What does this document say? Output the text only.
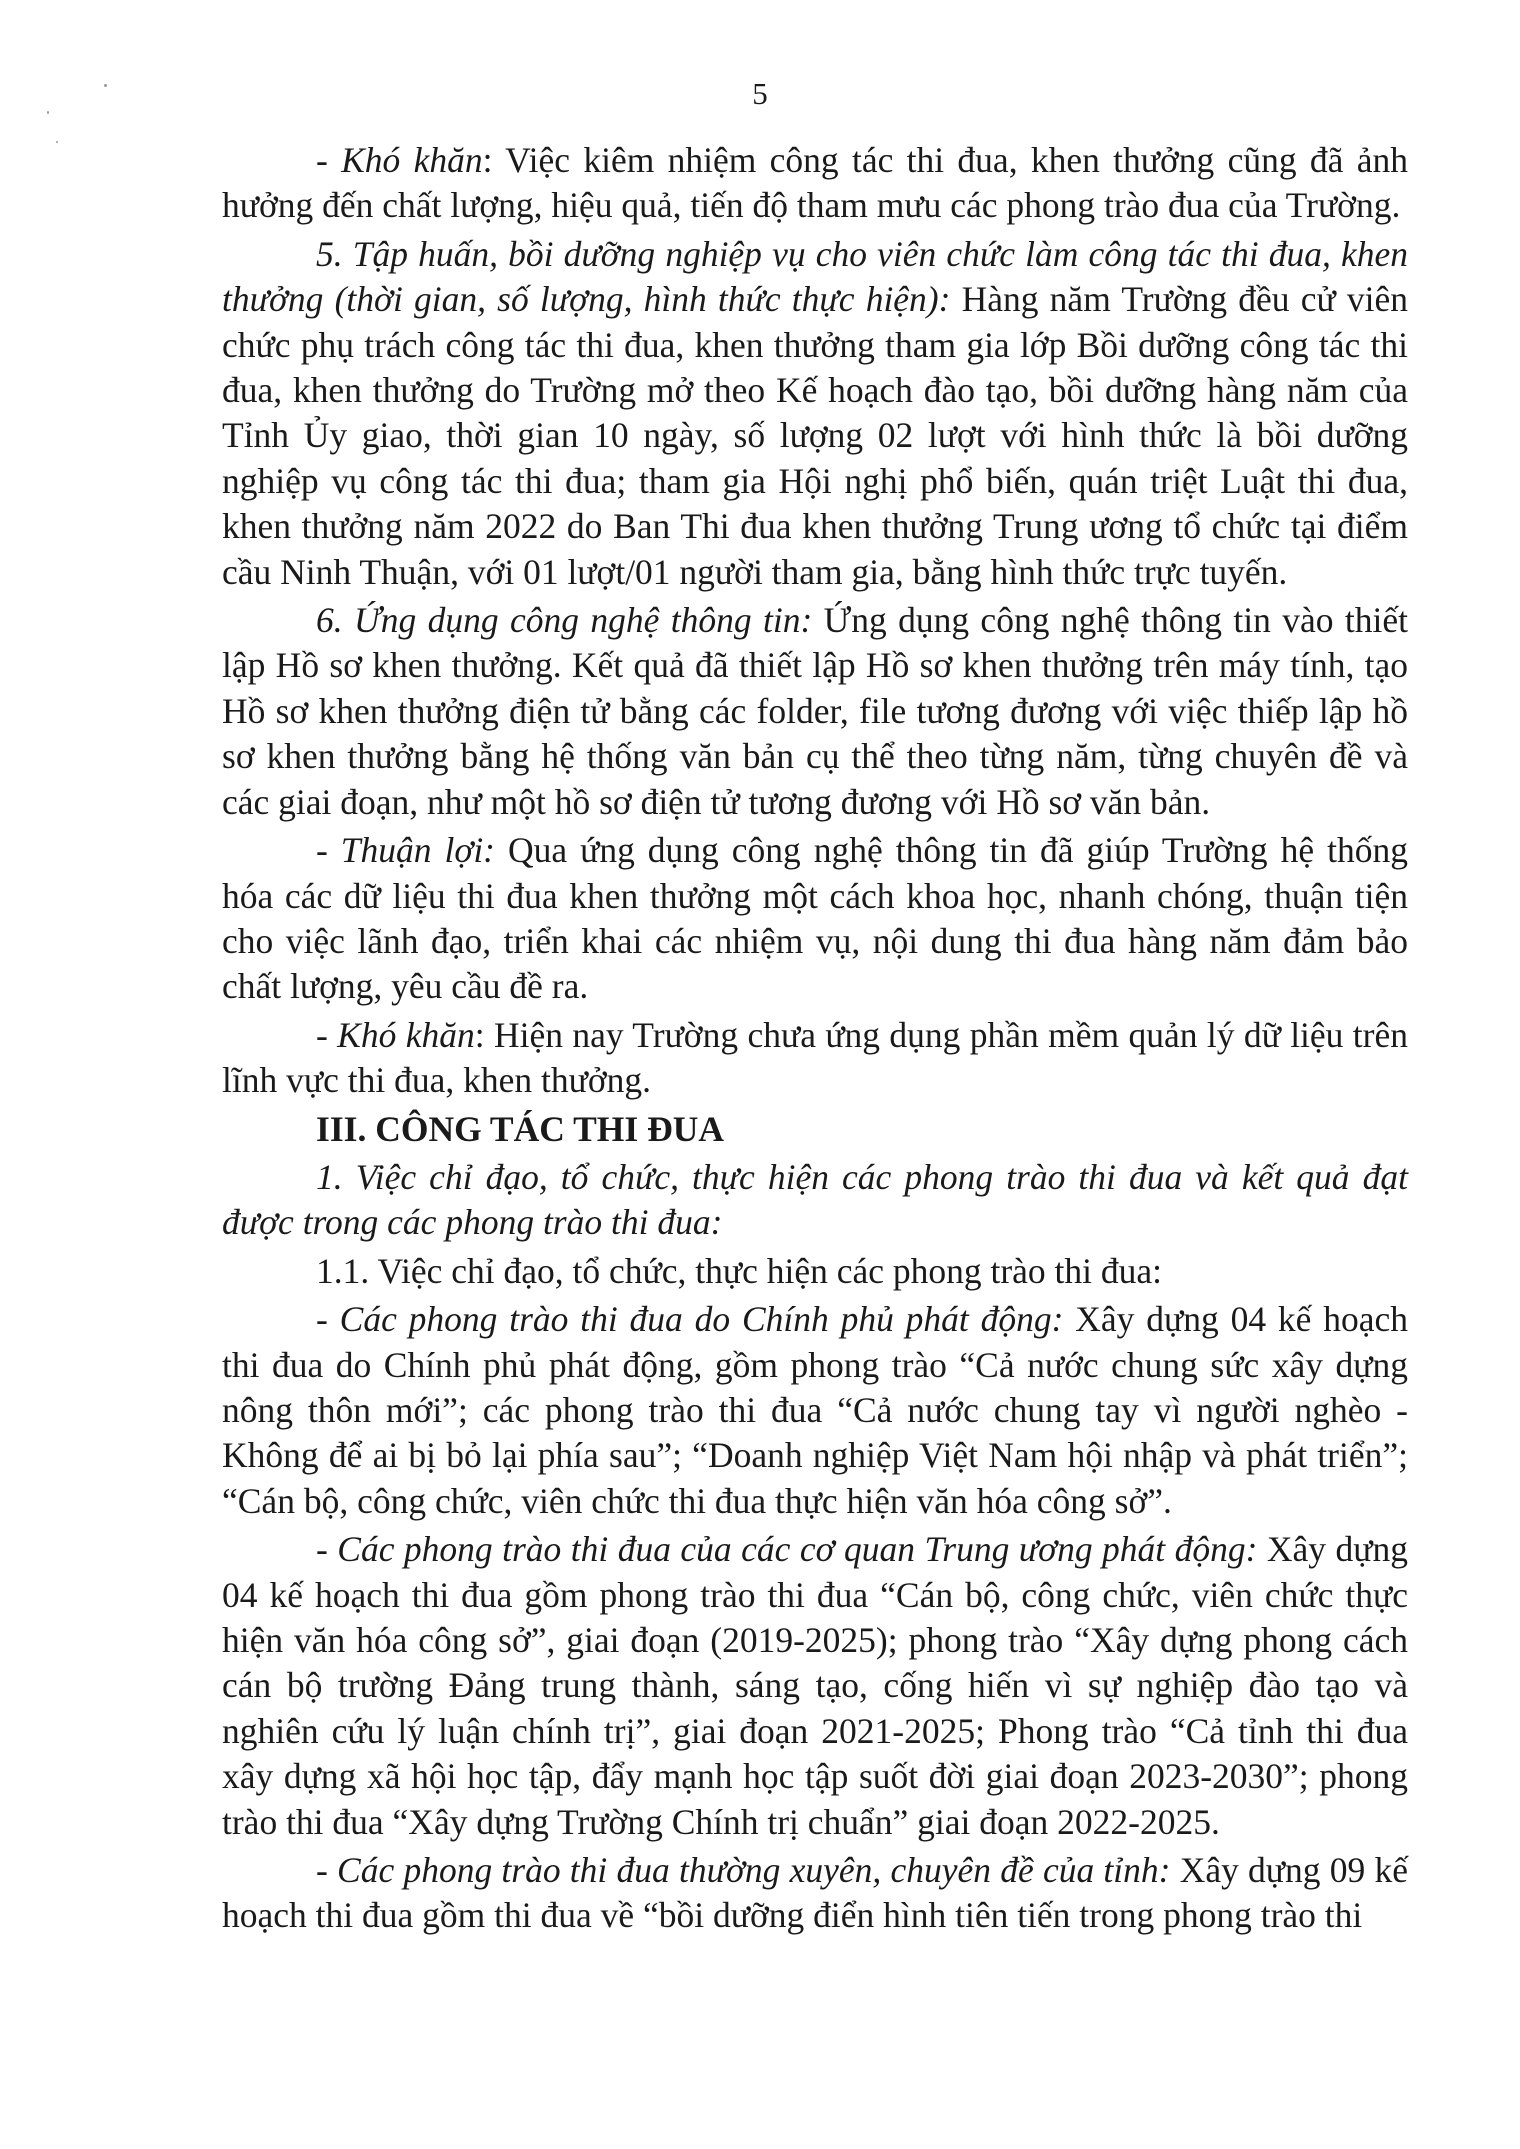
5

- Khó khăn: Việc kiêm nhiệm công tác thi đua, khen thưởng cũng đã ảnh hưởng đến chất lượng, hiệu quả, tiến độ tham mưu các phong trào đua của Trường.

5. Tập huấn, bồi dưỡng nghiệp vụ cho viên chức làm công tác thi đua, khen thưởng (thời gian, số lượng, hình thức thực hiện): Hàng năm Trường đều cử viên chức phụ trách công tác thi đua, khen thưởng tham gia lớp Bồi dưỡng công tác thi đua, khen thưởng do Trường mở theo Kế hoạch đào tạo, bồi dưỡng hàng năm của Tỉnh Ủy giao, thời gian 10 ngày, số lượng 02 lượt với hình thức là bồi dưỡng nghiệp vụ công tác thi đua; tham gia Hội nghị phổ biến, quán triệt Luật thi đua, khen thưởng năm 2022 do Ban Thi đua khen thưởng Trung ương tổ chức tại điểm cầu Ninh Thuận, với 01 lượt/01 người tham gia, bằng hình thức trực tuyến.

6. Ứng dụng công nghệ thông tin: Ứng dụng công nghệ thông tin vào thiết lập Hồ sơ khen thưởng. Kết quả đã thiết lập Hồ sơ khen thưởng trên máy tính, tạo Hồ sơ khen thưởng điện tử bằng các folder, file tương đương với việc thiếp lập hồ sơ khen thưởng bằng hệ thống văn bản cụ thể theo từng năm, từng chuyên đề và các giai đoạn, như một hồ sơ điện tử tương đương với Hồ sơ văn bản.

- Thuận lợi: Qua ứng dụng công nghệ thông tin đã giúp Trường hệ thống hóa các dữ liệu thi đua khen thưởng một cách khoa học, nhanh chóng, thuận tiện cho việc lãnh đạo, triển khai các nhiệm vụ, nội dung thi đua hàng năm đảm bảo chất lượng, yêu cầu đề ra.

- Khó khăn: Hiện nay Trường chưa ứng dụng phần mềm quản lý dữ liệu trên lĩnh vực thi đua, khen thưởng.

III. CÔNG TÁC THI ĐUA

1. Việc chỉ đạo, tổ chức, thực hiện các phong trào thi đua và kết quả đạt được trong các phong trào thi đua:

1.1. Việc chỉ đạo, tổ chức, thực hiện các phong trào thi đua:

- Các phong trào thi đua do Chính phủ phát động: Xây dựng 04 kế hoạch thi đua do Chính phủ phát động, gồm phong trào “Cả nước chung sức xây dựng nông thôn mới”; các phong trào thi đua “Cả nước chung tay vì người nghèo - Không để ai bị bỏ lại phía sau”; “Doanh nghiệp Việt Nam hội nhập và phát triển”; “Cán bộ, công chức, viên chức thi đua thực hiện văn hóa công sở”.

- Các phong trào thi đua của các cơ quan Trung ương phát động: Xây dựng 04 kế hoạch thi đua gồm phong trào thi đua “Cán bộ, công chức, viên chức thực hiện văn hóa công sở”, giai đoạn (2019-2025); phong trào “Xây dựng phong cách cán bộ trường Đảng trung thành, sáng tạo, cống hiến vì sự nghiệp đào tạo và nghiên cứu lý luận chính trị”, giai đoạn 2021-2025; Phong trào “Cả tỉnh thi đua xây dựng xã hội học tập, đẩy mạnh học tập suốt đời giai đoạn 2023-2030”; phong trào thi đua “Xây dựng Trường Chính trị chuẩn” giai đoạn 2022-2025.

- Các phong trào thi đua thường xuyên, chuyên đề của tỉnh: Xây dựng 09 kế hoạch thi đua gồm thi đua về “bồi dưỡng điển hình tiên tiến trong phong trào thi
